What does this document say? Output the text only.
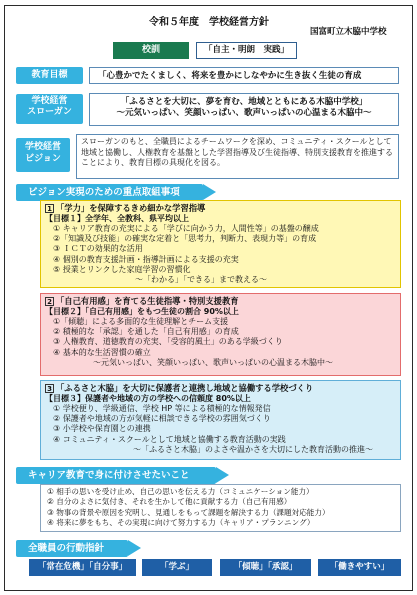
令和５年度　学校経営方針
国富町立木脇中学校
校訓	「自主・明朗　実践」
教育目標	「心豊かでたくましく、将来を豊かにしなやかに生き抜く生徒の育成
学校経営
スローガン
「ふるさとを大切に、夢を育む、地域とともにある木脇中学校」
～元気いっぱい、笑顔いっぱい、歌声いっぱいの心温まる木脇中～
学校経営
ビジョン
スローガンのもと、全職員によるチームワークを深め、コミュニティ・スクールとして地域と協働し、人権教育を基盤とした学習指導及び生徒指導、特別支援教育を推進することにより、教育目標の具現化を図る。
ビジョン実現のための重点取組事項
1 「学力」を保障するきめ細かな学習指導
【目標１】全学年、全教科、県平均以上
① キャリア教育の充実による「学びに向かう力，人間性等」の基盤の醸成
②「知識及び技能」の確実な定着と「思考力，判断力、表現力等」の育成
③ ＩＣＴの効果的な活用
④ 個別の教育支援計画・指導計画による支援の充実
⑤ 授業とリンクした家庭学習の習慣化
～「わかる」「できる」まで教える～
2 「自己有用感」を育てる生徒指導・特別支援教育
【目標２】「自己有用感」をもつ生徒の割合 90%以上
①「傾聴」による多面的な生徒理解とチーム支援
② 積極的な「承認」を通した「自己有用感」の育成
③ 人権教育、道徳教育の充実、「受容的風土」のある学級づくり
④ 基本的な生活習慣の確立
～元気いっぱい、笑顔いっぱい、歌声いっぱいの心温まる木脇中～
3 「ふるさと木脇」を大切に保護者と連携し地域と協働する学校づくり
【目標３】保護者や地域の方の学校への信頼度 80%以上
① 学校便り、学級通信、学校 HP 等による積極的な情報発信
② 保護者や地域の方が気軽に相談できる学校の雰囲気づくり
③ 小学校や保育園との連携
④ コミュニティ・スクールとして地域と協働する教育活動の実践
～「ふるさと木脇」のよさや温かさを大切にした教育活動の推進～
キャリア教育で身に付けさせたいこと
① 相手の思いを受け止め、自己の思いを伝える力（コミュニケーション能力）
② 自分のよさに気付き、それを生かして他に貢献する力（自己有用感）
③ 物事の背景や原因を究明し、見通しをもって課題を解決する力（課題対応能力）
④ 将来に夢をもち、その実現に向けて努力する力（キャリア・プランニング）
全職員の行動指針
「常在危機」「自分事」	「学ぶ」	「傾聴」「承認」	「働きやすい」
